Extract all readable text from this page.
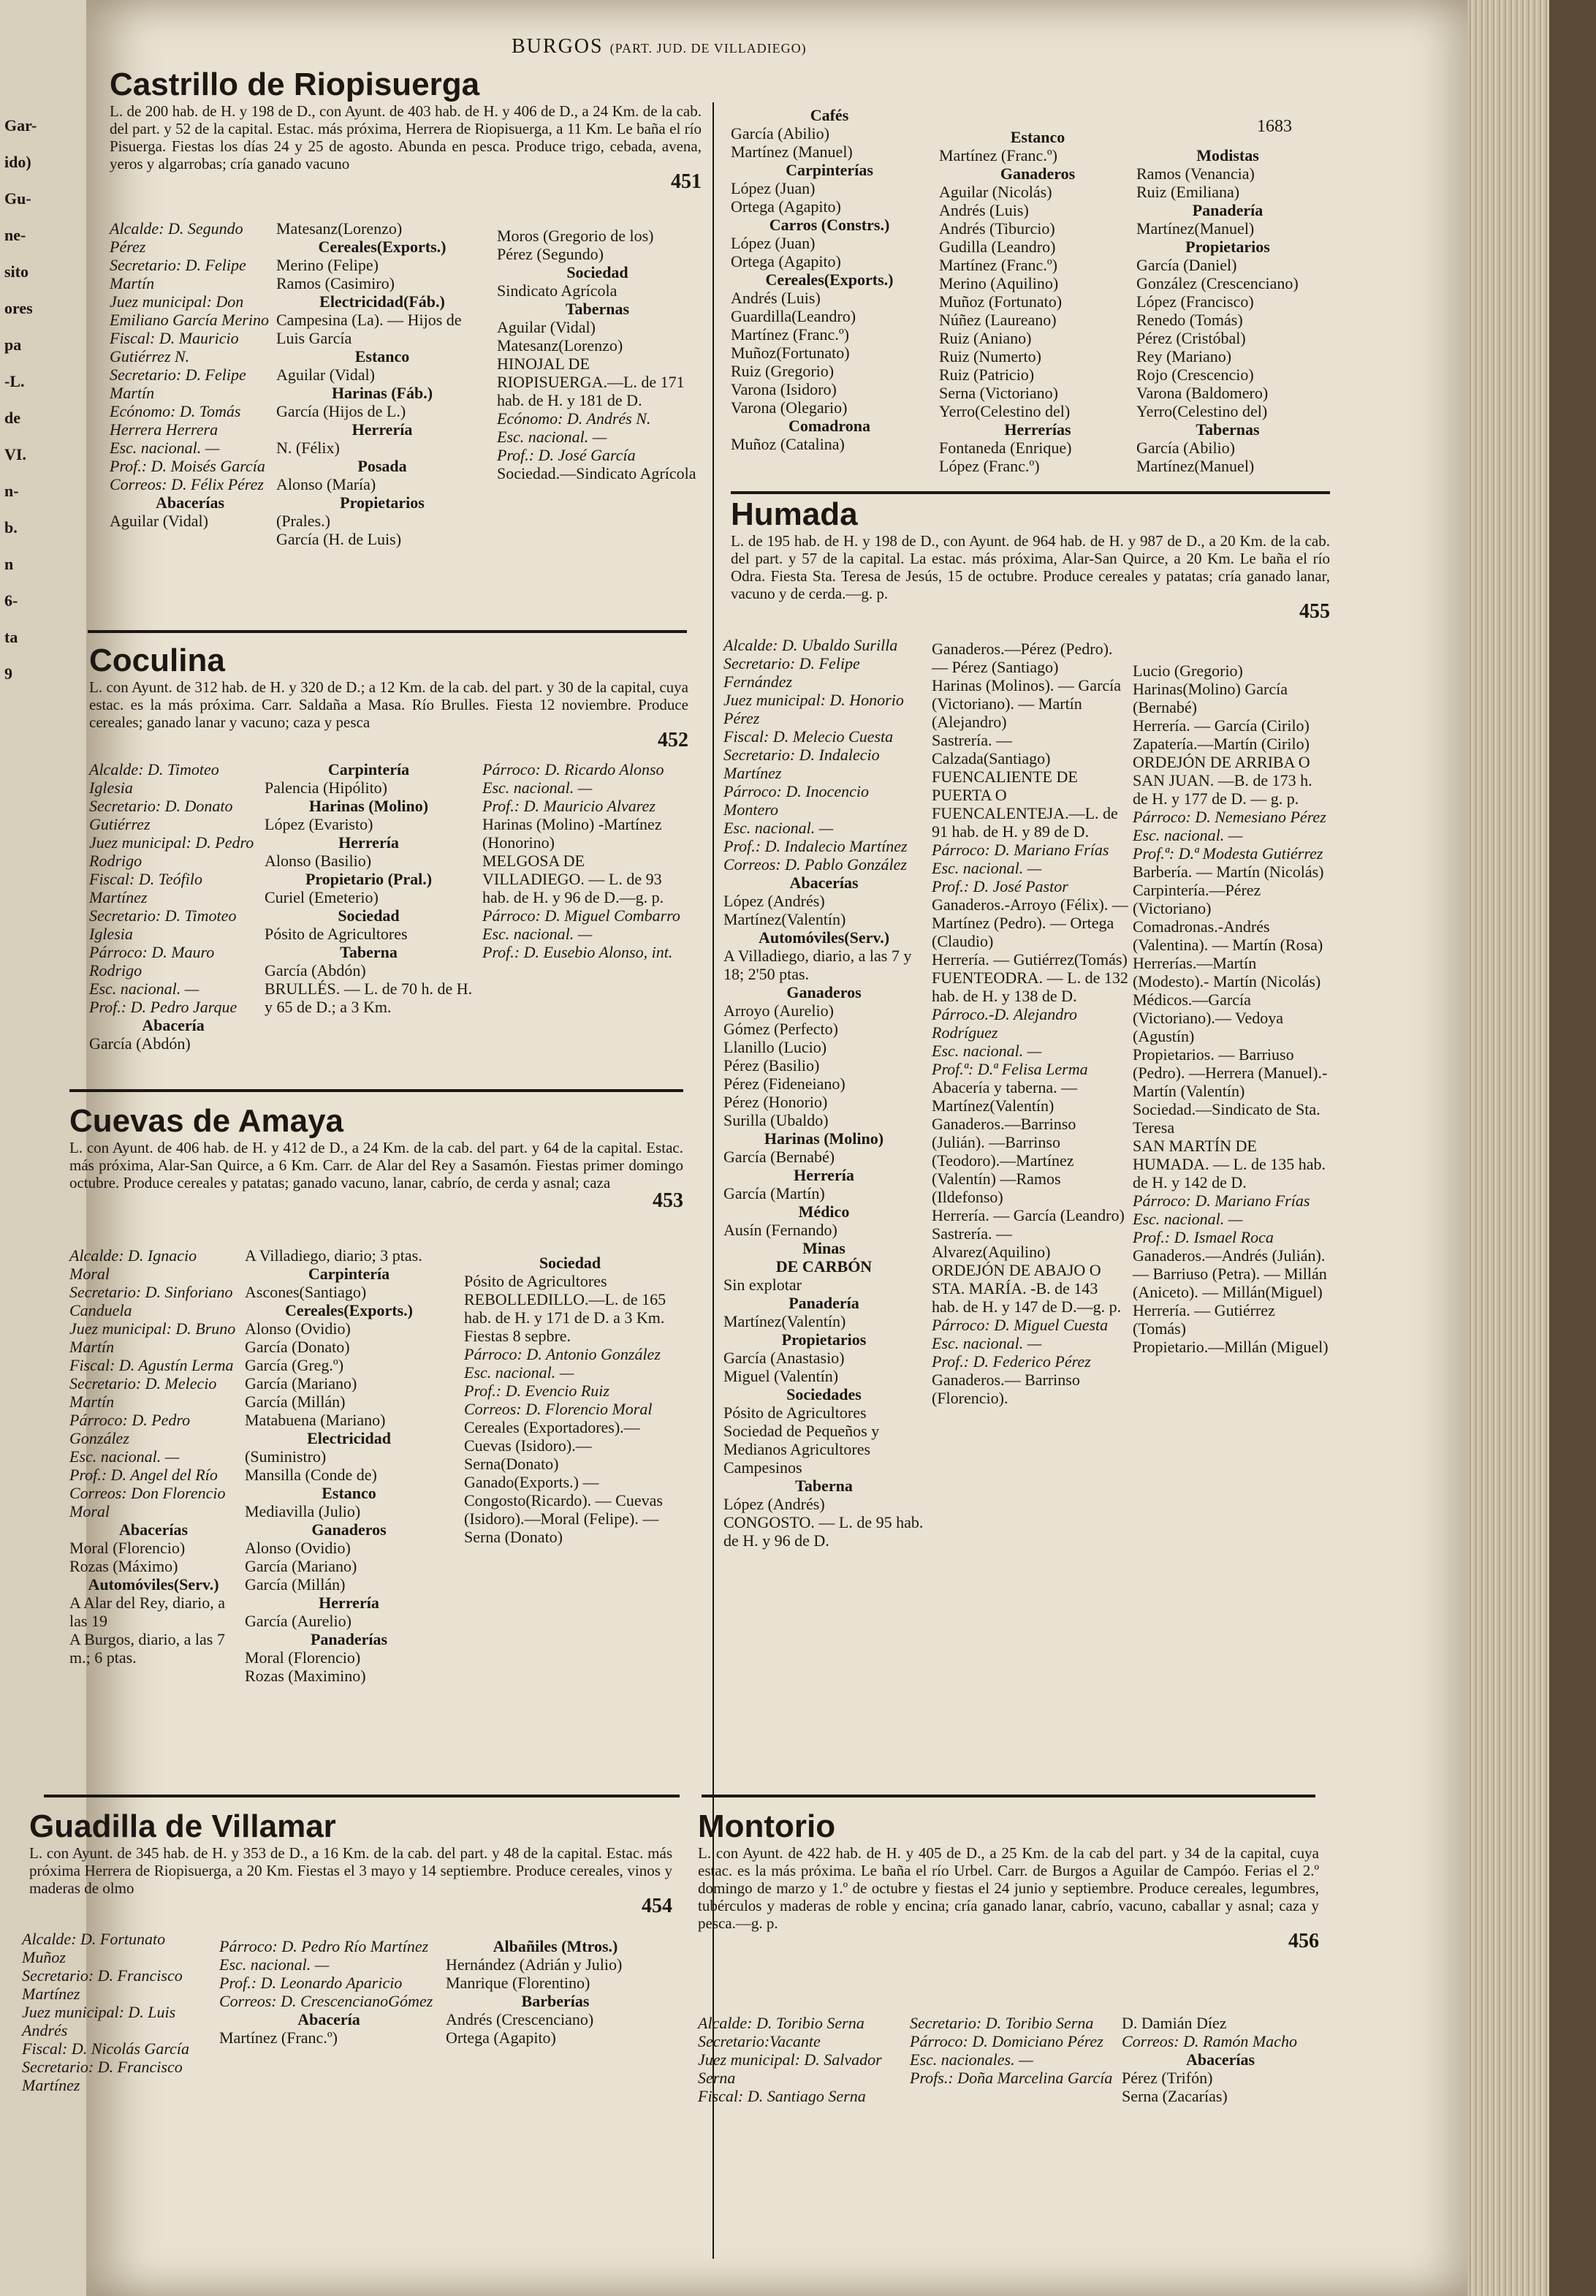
Gar-
ido)
Gu-
ne-
sito
ores
pa
-L.
de
VI.
n-
b.
n
6-
ta
9
BURGOS (PART. JUD. DE VILLADIEGO)
1683
Castrillo de Riopisuerga
L. de 200 hab. de H. y 198 de D., con Ayunt. de 403 hab. de H. y 406 de D., a 24 Km. de la cab. del part. y 52 de la capital. Estac. más próxima, Herrera de Riopisuerga, a 11 Km. Le baña el río Pisuerga. Fiestas los días 24 y 25 de agosto. Abunda en pesca. Produce trigo, cebada, avena, yeros y algarrobas; cría ganado vacuno
451
Alcalde: D. Segundo Pérez
Secretario: D. Felipe Martín
Juez municipal: Don Emiliano García Merino
Fiscal: D. Mauricio Gutiérrez N.
Secretario: D. Felipe Martín
Ecónomo: D. Tomás Herrera Herrera
Esc. nacional. —
Prof.: D. Moisés García
Correos: D. Félix Pérez
Abacerías
Aguilar (Vidal)
Matesanz(Lorenzo)
Cereales(Exports.)
Merino (Felipe)
Ramos (Casimiro)
Electricidad(Fáb.)
Campesina (La). — Hijos de Luis García
Estanco
Aguilar (Vidal)
Harinas (Fáb.)
García (Hijos de L.)
Herrería
N. (Félix)
Posada
Alonso (María)
Propietarios
(Prales.)
García (H. de Luis)
Moros (Gregorio de los)
Pérez (Segundo)
Sociedad
Sindicato Agrícola
Tabernas
Aguilar (Vidal)
Matesanz(Lorenzo)
HINOJAL DE RIOPISUERGA.—L. de 171 hab. de H. y 181 de D.
Ecónomo: D. Andrés N.
Esc. nacional. —
Prof.: D. José García
Sociedad.—Sindicato Agrícola
Cafés
García (Abilio)
Martínez (Manuel)
Carpinterías
López (Juan)
Ortega (Agapito)
Carros (Constrs.)
López (Juan)
Ortega (Agapito)
Cereales(Exports.)
Andrés (Luis)
Guardilla(Leandro)
Martínez (Franc.º)
Muñoz(Fortunato)
Ruiz (Gregorio)
Varona (Isidoro)
Varona (Olegario)
Comadrona
Muñoz (Catalina)
Estanco
Martínez (Franc.º)
Ganaderos
Aguilar (Nicolás)
Andrés (Luis)
Andrés (Tiburcio)
Gudilla (Leandro)
Martínez (Franc.º)
Merino (Aquilino)
Muñoz (Fortunato)
Núñez (Laureano)
Ruiz (Aniano)
Ruiz (Numerto)
Ruiz (Patricio)
Serna (Victoriano)
Yerro(Celestino del)
Herrerías
Fontaneda (Enrique)
López (Franc.º)
Modistas
Ramos (Venancia)
Ruiz (Emiliana)
Panadería
Martínez(Manuel)
Propietarios
García (Daniel)
González (Crescenciano)
López (Francisco)
Renedo (Tomás)
Pérez (Cristóbal)
Rey (Mariano)
Rojo (Crescencio)
Varona (Baldomero)
Yerro(Celestino del)
Tabernas
García (Abilio)
Martínez(Manuel)
Coculina
L. con Ayunt. de 312 hab. de H. y 320 de D.; a 12 Km. de la cab. del part. y 30 de la capital, cuya estac. es la más próxima. Carr. Saldaña a Masa. Río Brulles. Fiesta 12 noviembre. Produce cereales; ganado lanar y vacuno; caza y pesca
452
Alcalde: D. Timoteo Iglesia
Secretario: D. Donato Gutiérrez
Juez municipal: D. Pedro Rodrigo
Fiscal: D. Teófilo Martínez
Secretario: D. Timoteo Iglesia
Párroco: D. Mauro Rodrigo
Esc. nacional. —
Prof.: D. Pedro Jarque
Abacería
García (Abdón)
Carpintería
Palencia (Hipólito)
Harinas (Molino)
López (Evaristo)
Herrería
Alonso (Basilio)
Propietario (Pral.)
Curiel (Emeterio)
Sociedad
Pósito de Agricultores
Taberna
García (Abdón)
BRULLÉS. — L. de 70 h. de H. y 65 de D.; a 3 Km.
Párroco: D. Ricardo Alonso
Esc. nacional. —
Prof.: D. Mauricio Alvarez
Harinas (Molino) -Martínez (Honorino)
MELGOSA DE VILLADIEGO. — L. de 93 hab. de H. y 96 de D.—g. p.
Párroco: D. Miguel Combarro
Esc. nacional. —
Prof.: D. Eusebio Alonso, int.
Cuevas de Amaya
L. con Ayunt. de 406 hab. de H. y 412 de D., a 24 Km. de la cab. del part. y 64 de la capital. Estac. más próxima, Alar-San Quirce, a 6 Km. Carr. de Alar del Rey a Sasamón. Fiestas primer domingo octubre. Produce cereales y patatas; ganado vacuno, lanar, cabrío, de cerda y asnal; caza
453
Alcalde: D. Ignacio Moral
Secretario: D. Sinforiano Canduela
Juez municipal: D. Bruno Martín
Fiscal: D. Agustín Lerma
Secretario: D. Melecio Martín
Párroco: D. Pedro González
Esc. nacional. —
Prof.: D. Angel del Río
Correos: Don Florencio Moral
Abacerías
Moral (Florencio)
Rozas (Máximo)
Automóviles(Serv.)
A Alar del Rey, diario, a las 19
A Burgos, diario, a las 7 m.; 6 ptas.
A Villadiego, diario; 3 ptas.
Carpintería
Ascones(Santiago)
Cereales(Exports.)
Alonso (Ovidio)
García (Donato)
García (Greg.º)
García (Mariano)
García (Millán)
Matabuena (Mariano)
Electricidad
(Suministro)
Mansilla (Conde de)
Estanco
Mediavilla (Julio)
Ganaderos
Alonso (Ovidio)
García (Mariano)
García (Millán)
Herrería
García (Aurelio)
Panaderías
Moral (Florencio)
Rozas (Maximino)
Sociedad
Pósito de Agricultores
REBOLLEDILLO.—L. de 165 hab. de H. y 171 de D. a 3 Km. Fiestas 8 sepbre.
Párroco: D. Antonio González
Esc. nacional. —
Prof.: D. Evencio Ruiz
Correos: D. Florencio Moral
Cereales (Exportadores).—Cuevas (Isidoro).—Serna(Donato)
Ganado(Exports.) —Congosto(Ricardo). — Cuevas (Isidoro).—Moral (Felipe). — Serna (Donato)
Guadilla de Villamar
L. con Ayunt. de 345 hab. de H. y 353 de D., a 16 Km. de la cab. del part. y 48 de la capital. Estac. más próxima Herrera de Riopisuerga, a 20 Km. Fiestas el 3 mayo y 14 septiembre. Produce cereales, vinos y maderas de olmo
454
Alcalde: D. Fortunato Muñoz
Secretario: D. Francisco Martínez
Juez municipal: D. Luis Andrés
Fiscal: D. Nicolás García
Secretario: D. Francisco Martínez
Párroco: D. Pedro Río Martínez
Esc. nacional. —
Prof.: D. Leonardo Aparicio
Correos: D. CrescencianoGómez
Abacería
Martínez (Franc.º)
Albañiles (Mtros.)
Hernández (Adrián y Julio)
Manrique (Florentino)
Barberías
Andrés (Crescenciano)
Ortega (Agapito)
Humada
L. de 195 hab. de H. y 198 de D., con Ayunt. de 964 hab. de H. y 987 de D., a 20 Km. de la cab. del part. y 57 de la capital. La estac. más próxima, Alar-San Quirce, a 20 Km. Le baña el río Odra. Fiesta Sta. Teresa de Jesús, 15 de octubre. Produce cereales y patatas; cría ganado lanar, vacuno y de cerda.—g. p.
455
Alcalde: D. Ubaldo Surilla
Secretario: D. Felipe Fernández
Juez municipal: D. Honorio Pérez
Fiscal: D. Melecio Cuesta
Secretario: D. Indalecio Martínez
Párroco: D. Inocencio Montero
Esc. nacional. —
Prof.: D. Indalecio Martínez
Correos: D. Pablo González
Abacerías
López (Andrés)
Martínez(Valentín)
Automóviles(Serv.)
A Villadiego, diario, a las 7 y 18; 2'50 ptas.
Ganaderos
Arroyo (Aurelio)
Gómez (Perfecto)
Llanillo (Lucio)
Pérez (Basilio)
Pérez (Fideneiano)
Pérez (Honorio)
Surilla (Ubaldo)
Harinas (Molino)
García (Bernabé)
Herrería
García (Martín)
Médico
Ausín (Fernando)
Minas
DE CARBÓN
Sin explotar
Panadería
Martínez(Valentín)
Propietarios
García (Anastasio)
Miguel (Valentín)
Sociedades
Pósito de Agricultores
Sociedad de Pequeños y Medianos Agricultores Campesinos
Taberna
López (Andrés)
CONGOSTO. — L. de 95 hab. de H. y 96 de D.
Ganaderos.—Pérez (Pedro). — Pérez (Santiago)
Harinas (Molinos). — García (Victoriano). — Martín (Alejandro)
Sastrería. — Calzada(Santiago)
FUENCALIENTE DE PUERTA O FUENCALENTEJA.—L. de 91 hab. de H. y 89 de D.
Párroco: D. Mariano Frías
Esc. nacional. —
Prof.: D. José Pastor
Ganaderos.-Arroyo (Félix). — Martínez (Pedro). — Ortega (Claudio)
Herrería. — Gutiérrez(Tomás)
FUENTEODRA. — L. de 132 hab. de H. y 138 de D.
Párroco.-D. Alejandro Rodríguez
Esc. nacional. —
Prof.ª: D.ª Felisa Lerma
Abacería y taberna. — Martínez(Valentín)
Ganaderos.—Barrinso (Julián). —Barrinso (Teodoro).—Martínez (Valentín) —Ramos (Ildefonso)
Herrería. — García (Leandro)
Sastrería. — Alvarez(Aquilino)
ORDEJÓN DE ABAJO O STA. MARÍA. -B. de 143 hab. de H. y 147 de D.—g. p.
Párroco: D. Miguel Cuesta
Esc. nacional. —
Prof.: D. Federico Pérez
Ganaderos.— Barrinso (Florencio).
Lucio (Gregorio)
Harinas(Molino) García (Bernabé)
Herrería. — García (Cirilo)
Zapatería.—Martín (Cirilo)
ORDEJÓN DE ARRIBA O SAN JUAN. —B. de 173 h. de H. y 177 de D. — g. p.
Párroco: D. Nemesiano Pérez
Esc. nacional. —
Prof.ª: D.ª Modesta Gutiérrez
Barbería. — Martín (Nicolás)
Carpintería.—Pérez (Victoriano)
Comadronas.-Andrés (Valentina). — Martín (Rosa)
Herrerías.—Martín (Modesto).- Martín (Nicolás)
Médicos.—García (Victoriano).— Vedoya (Agustín)
Propietarios. — Barriuso (Pedro). —Herrera (Manuel).-Martín (Valentín)
Sociedad.—Sindicato de Sta. Teresa
SAN MARTÍN DE HUMADA. — L. de 135 hab. de H. y 142 de D.
Párroco: D. Mariano Frías
Esc. nacional. —
Prof.: D. Ismael Roca
Ganaderos.—Andrés (Julián). — Barriuso (Petra). — Millán (Aniceto). — Millán(Miguel)
Herrería. — Gutiérrez (Tomás)
Propietario.—Millán (Miguel)
Montorio
L. con Ayunt. de 422 hab. de H. y 405 de D., a 25 Km. de la cab del part. y 34 de la capital, cuya estac. es la más próxima. Le baña el río Urbel. Carr. de Burgos a Aguilar de Campóo. Ferias el 2.º domingo de marzo y 1.º de octubre y fiestas el 24 junio y septiembre. Produce cereales, legumbres, tubérculos y maderas de roble y encina; cría ganado lanar, cabrío, vacuno, caballar y asnal; caza y pesca.—g. p.
456
Alcalde: D. Toribio Serna
Secretario:Vacante
Juez municipal: D. Salvador Serna
Fiscal: D. Santiago Serna
Secretario: D. Toribio Serna
Párroco: D. Domiciano Pérez
Esc. nacionales. —
Profs.: Doña Marcelina García
D. Damián Díez
Correos: D. Ramón Macho
Abacerías
Pérez (Trifón)
Serna (Zacarías)
